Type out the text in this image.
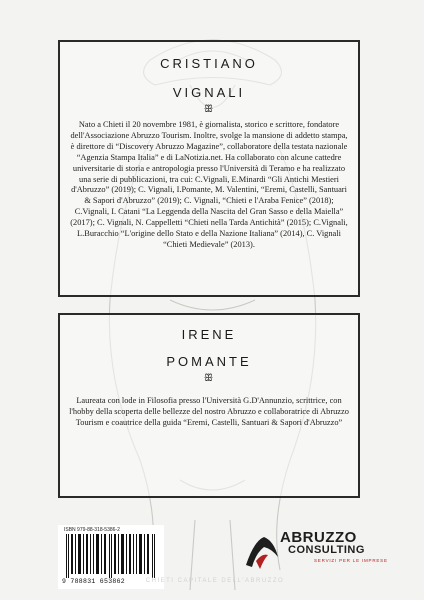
CRISTIANO
VIGNALI
ꕥ
Nato a Chieti il 20 novembre 1981, è giornalista, storico e scrittore, fondatore dell'Associazione Abruzzo Tourism. Inoltre, svolge la mansione di addetto stampa, è direttore di “Discovery Abruzzo Magazine”, collaboratore della testata nazionale “Agenzia Stampa Italia” e di LaNotizia.net. Ha collaborato con alcune cattedre universitarie di storia e antropologia presso l'Università di Teramo e ha realizzato una serie di pubblicazioni, tra cui: C.Vignali, E.Minardi “Gli Antichi Mestieri d'Abruzzo” (2019); C. Vignali, I.Pomante, M. Valentini, “Eremi, Castelli, Santuari & Sapori d'Abruzzo” (2019); C. Vignali, “Chieti e l'Araba Fenice” (2018); C.Vignali, I. Catani “La Leggenda della Nascita del Gran Sasso e della Maiella” (2017); C. Vignali, N. Cappelletti “Chieti nella Tarda Antichità” (2015); C.Vignali, L.Buracchio “L'origine dello Stato e della Nazione Italiana” (2014), C. Vignali “Chieti Medievale” (2013).
IRENE
POMANTE
ꕥ
Laureata con lode in Filosofia presso l'Università G.D'Annunzio, scrittrice, con l'hobby della scoperta delle bellezze del nostro Abruzzo e collaboratrice di Abruzzo Tourism e coautrice della guida “Eremi, Castelli, Santuari & Sapori d'Abruzzo”
ISBN 979-88-318-5386-2
9 788831 653862
ABRUZZO
CONSULTING
SERVIZI PER LE IMPRESE
CHIETI CAPITALE DELL'ABRUZZO
